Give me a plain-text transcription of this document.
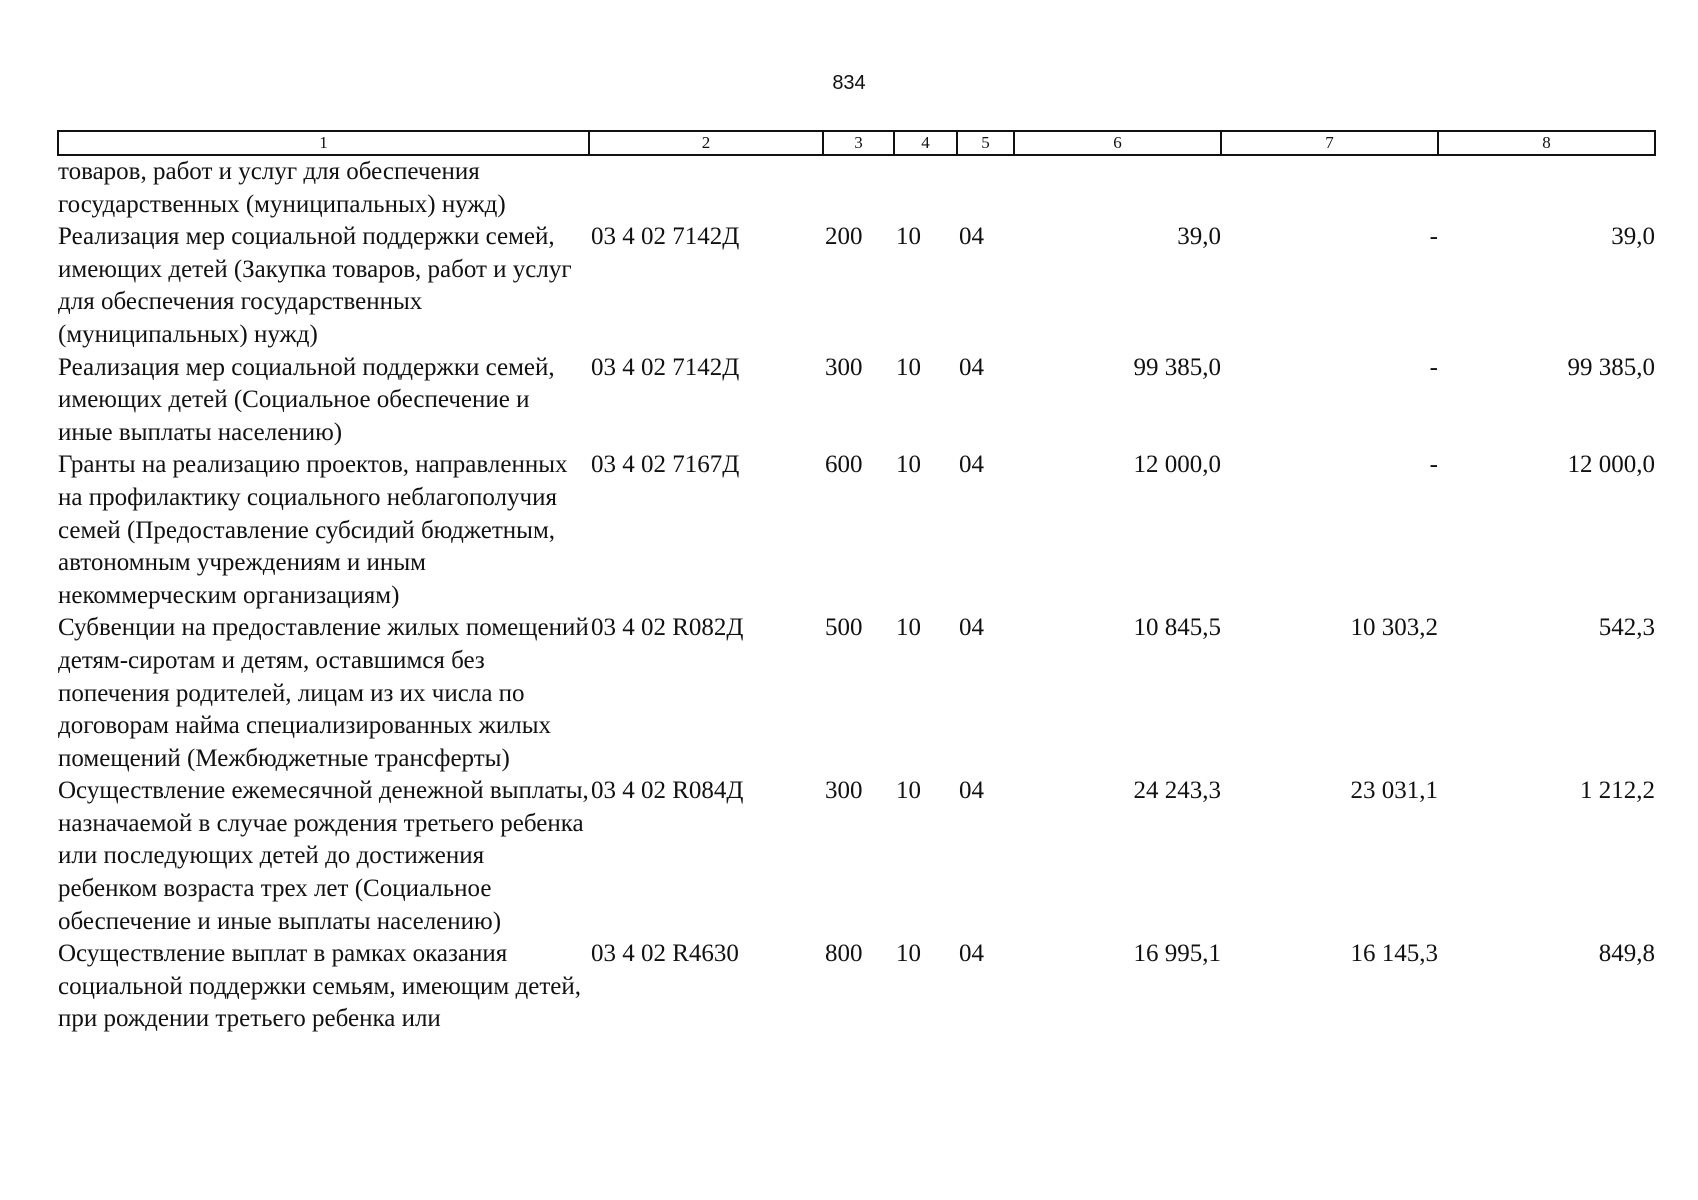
834
1	2	3	4	5	6	7	8
товаров, работ и услуг для обеспечения государственных (муниципальных) нужд)							
Реализация мер социальной поддержки семей, имеющих детей (Закупка товаров, работ и услуг для обеспечения государственных (муниципальных) нужд)	03 4 02 7142Д	200	10	04	39,0	-	39,0
Реализация мер социальной поддержки семей, имеющих детей (Социальное обеспечение и иные выплаты населению)	03 4 02 7142Д	300	10	04	99 385,0	-	99 385,0
Гранты на реализацию проектов, направленных на профилактику социального неблагополучия семей (Предоставление субсидий бюджетным, автономным учреждениям и иным некоммерческим организациям)	03 4 02 7167Д	600	10	04	12 000,0	-	12 000,0
Субвенции на предоставление жилых помещений детям-сиротам и детям, оставшимся без попечения родителей, лицам из их числа по договорам найма специализированных жилых помещений (Межбюджетные трансферты)	03 4 02 R082Д	500	10	04	10 845,5	10 303,2	542,3
Осуществление ежемесячной денежной выплаты, назначаемой в случае рождения третьего ребенка или последующих детей до достижения ребенком возраста трех лет (Социальное обеспечение и иные выплаты населению)	03 4 02 R084Д	300	10	04	24 243,3	23 031,1	1 212,2
Осуществление выплат в рамках оказания социальной поддержки семьям, имеющим детей, при рождении третьего ребенка или	03 4 02 R4630	800	10	04	16 995,1	16 145,3	849,8
